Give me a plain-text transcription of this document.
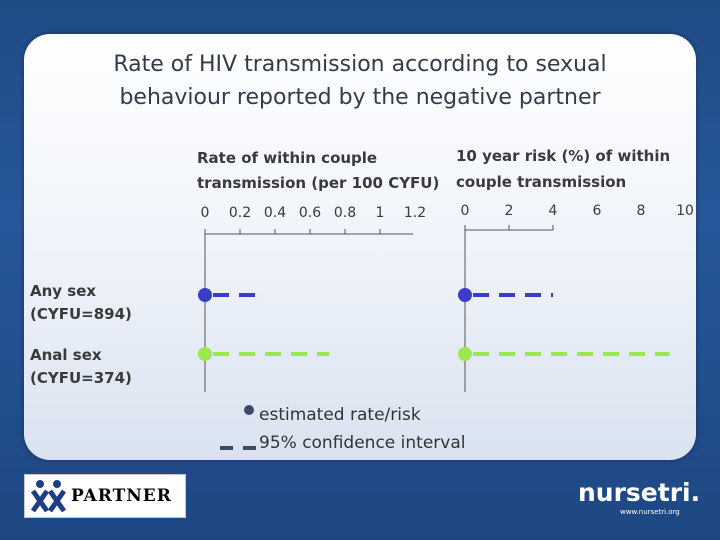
Rate of HIV transmission according to sexual
behaviour reported by the negative partner
Rate of within couple
transmission (per 100 CYFU)
10 year risk (%) of within
couple transmission
Any sex
(CYFU=894)
Anal sex
(CYFU=374)
estimated rate/risk
95% confidence interval
0 0.2 0.4 0.6 0.8 1 1.2 0	2	4	6	8 10
PARTNER	nursetri.
www.nursetri.org
